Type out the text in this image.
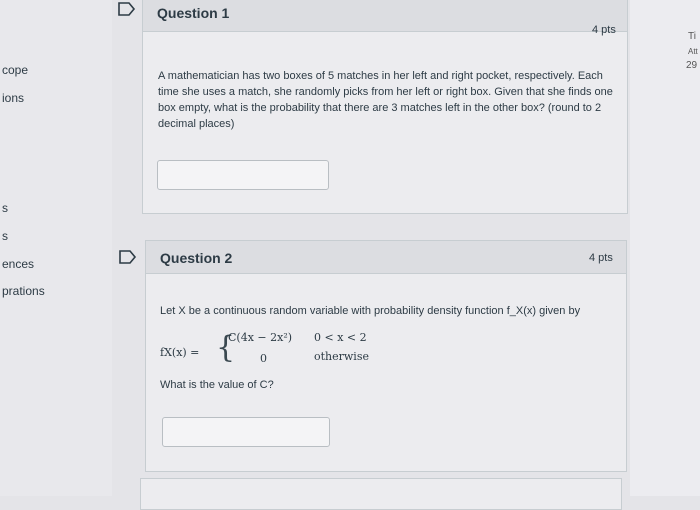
cope
ions
s
s
ences
prations
Ti
Att
29
Question 1
4 pts
A mathematician has two boxes of 5 matches in her left and right pocket, respectively. Each time she uses a match, she randomly picks from her left or right box. Given that she finds one box empty, what is the probability that there are 3 matches left in the other box? (round to 2 decimal places)
Question 2	4 pts
Let X be a continuous random variable with probability density function f_X(x) given by
fX(x) = {
C(4x − 2x²) 0 < x < 2
0	otherwise
What is the value of C?
